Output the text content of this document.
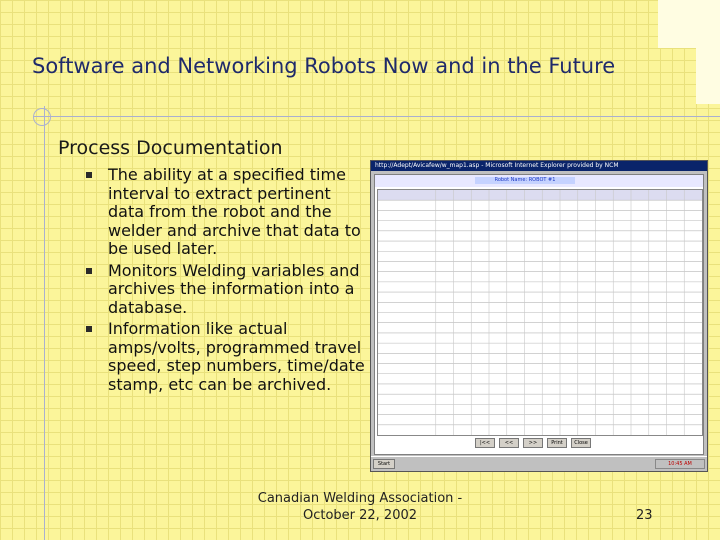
Software and Networking Robots Now and in the Future
Process Documentation
The ability at a specified time interval to extract pertinent data from the robot and the welder and archive that data to be used later.
Monitors Welding variables and archives the information into a database.
Information like actual amps/volts, programmed travel speed, step numbers, time/date stamp, etc can be archived.
http://Adept/Avicafew/w_map1.asp - Microsoft Internet Explorer provided by NCM
Robot Name: ROBOT #1
|<<	<<	>>	Print	Close
Start	10:45 AM
Canadian Welding Association -
October 22, 2002	23
